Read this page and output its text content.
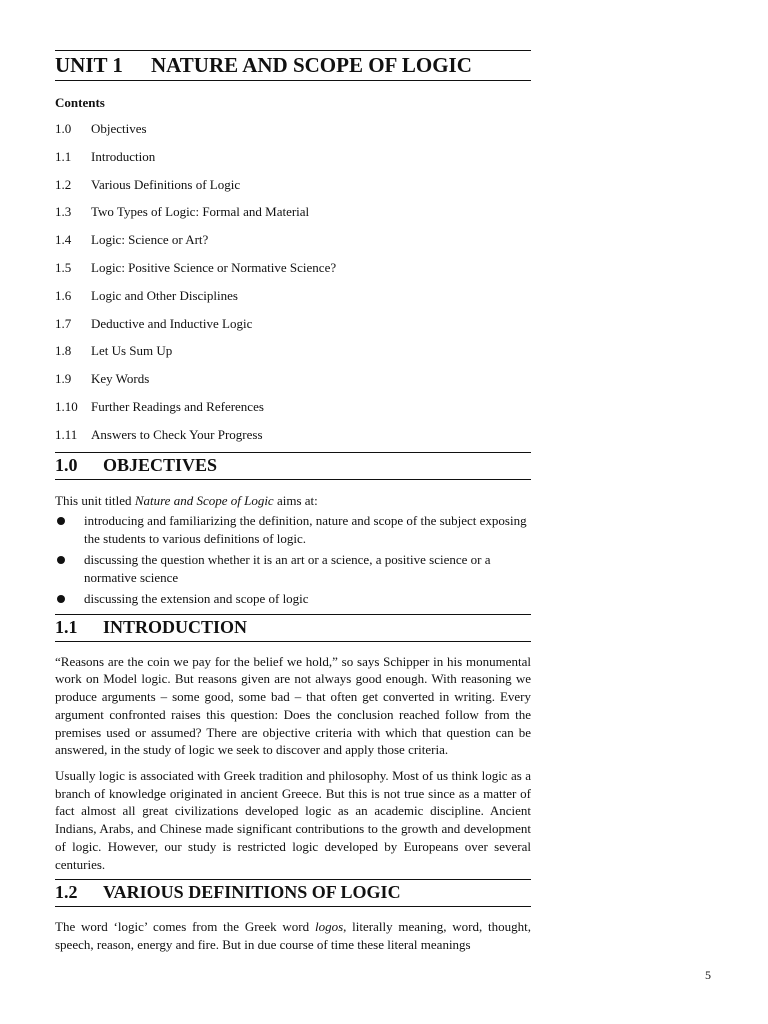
UNIT 1	NATURE AND SCOPE OF LOGIC
Contents
1.0	Objectives
1.1	Introduction
1.2	Various Definitions of Logic
1.3	Two Types of Logic: Formal and Material
1.4	Logic: Science or Art?
1.5	Logic: Positive Science or Normative Science?
1.6	Logic and Other Disciplines
1.7	Deductive and Inductive Logic
1.8	Let Us Sum Up
1.9	Key Words
1.10	Further Readings and References
1.11	Answers to Check Your Progress
1.0	OBJECTIVES

This unit titled Nature and Scope of Logic aims at:

introducing and familiarizing the definition, nature and scope of the subject exposing the students to various definitions of logic.
discussing the question whether it is an art or a science, a positive science or a normative science
discussing the extension and scope of logic
1.1	INTRODUCTION

“Reasons are the coin we pay for the belief we hold,” so says Schipper in his monumental work on Model logic. But reasons given are not always good enough. With reasoning we produce arguments – some good, some bad – that often get converted in writing. Every argument confronted raises this question: Does the conclusion reached follow from the premises used or assumed? There are objective criteria with which that question can be answered, in the study of logic we seek to discover and apply those criteria.

Usually logic is associated with Greek tradition and philosophy. Most of us think logic as a branch of knowledge originated in ancient Greece. But this is not true since as a matter of fact almost all great civilizations developed logic as an academic discipline. Ancient Indians, Arabs, and Chinese made significant contributions to the growth and development of logic. However, our study is restricted logic developed by Europeans over several centuries.

1.2	VARIOUS DEFINITIONS OF LOGIC

The word ‘logic’ comes from the Greek word logos, literally meaning, word, thought, speech, reason, energy and fire. But in due course of time these literal meanings

5
